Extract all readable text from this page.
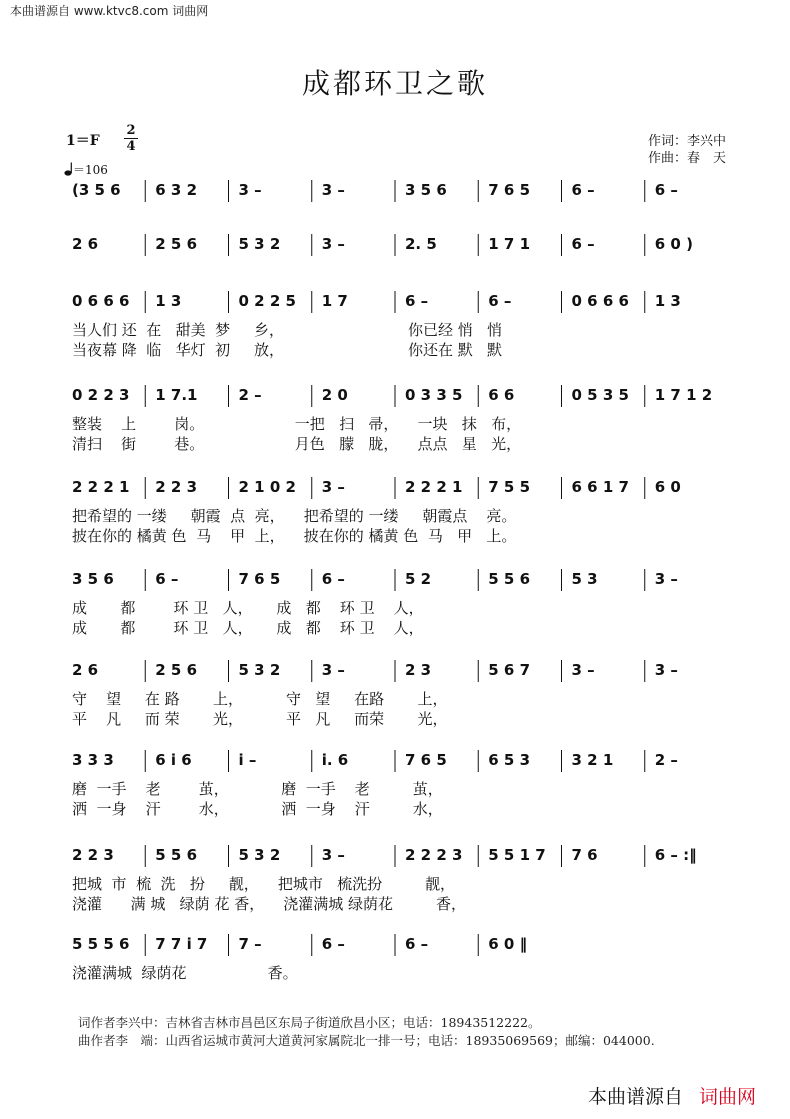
本曲谱源自 www.ktvc8.com 词曲网
成都环卫之歌
1＝F
2
4
＝106
作词：李兴中
作曲：春　天
(3 5 6 6 3 2	3 –	3 –	3 5 6	7 6 5	6 –	6 –
2 6	2 5 6	5 3 2	3 –	2. 5	1 7 1	6 –	6 0 )
0 6 6 6 1 3	0 2 2 5 1 7	6 –	6 –	0 6 6 6 1 3
当人们 还  在   甜美  梦     乡，                          你已经 悄   悄
当夜幕 降  临   华灯  初     放，                          你还在 默   默
0 2 2 3 1 7.1	2 –	2 0	0 3 3 5 6 6	0 5 3 5 1 7 1 2
整装    上        岗。                   一把   扫   帚，    一块   抹   布，
清扫    街        巷。                   月色   朦   胧，    点点   星   光，
2 2 2 1 2 2 3	2 1 0 2 3 –	2 2 2 1 7 5 5	6 6 1 7 6 0
把希望的 一缕     朝霞  点  亮，    把希望的 一缕     朝霞点    亮。
披在你的 橘黄 色  马    甲  上，    披在你的 橘黄 色  马   甲   上。
3 5 6	6 –	7 6 5	6 –	5 2	5 5 6	5 3	3 –
成       都        环 卫   人，     成   都    环 卫    人，
成       都        环 卫   人，     成   都    环 卫    人，
2 6	2 5 6	5 3 2	3 –	2 3	5 6 7	3 –	3 –
守    望     在 路       上，         守   望     在路       上，
平    凡     而 荣       光，         平   凡     而荣       光，
3 3 3	6 i 6	i –	i. 6	7 6 5	6 5 3	3 2 1	2 –
磨  一手    老        茧，           磨  一手    老         茧，
洒  一身    汗        水，           洒  一身    汗         水，
2 2 3	5 5 6	5 3 2	3 –	2 2 2 3 5 5 1 7 7 6	6 – :‖
把城  市  梳  洗   扮     靓，    把城市   梳洗扮         靓，
浇灌      满 城   绿荫 花 香，    浇灌满城 绿荫花         香，
5 5 5 6 7 7 i 7 7 –	6 –	6 –	6 0 ‖
浇灌满城  绿荫花                 香。
词作者李兴中：吉林省吉林市昌邑区东局子街道欣昌小区；电话：18943512222。
曲作者李　端：山西省运城市黄河大道黄河家属院北一排一号；电话：18935069569；邮编：044000.
本曲谱源自 词曲网
